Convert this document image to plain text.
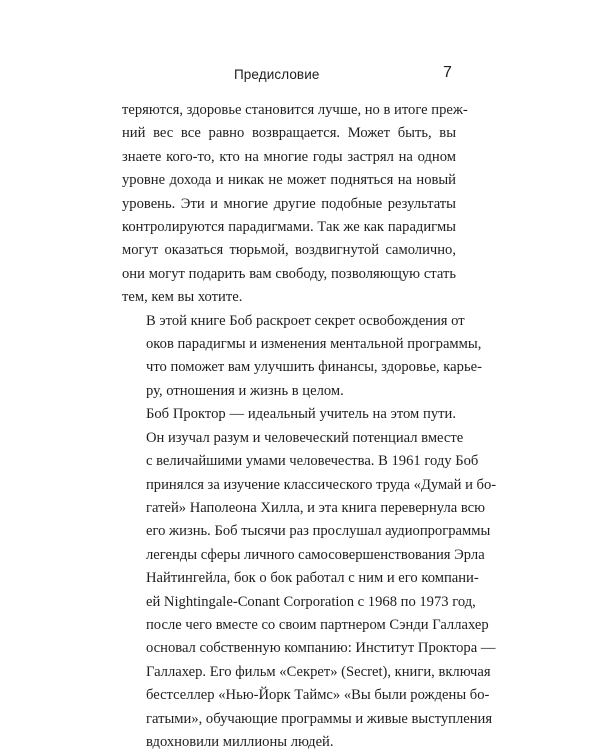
Предисловие	7

теряются, здоровье становится лучше, но в итоге преж-
ний вес все равно возвращается. Может быть, вы
знаете кого-то, кто на многие годы застрял на одном
уровне дохода и никак не может подняться на новый
уровень. Эти и многие другие подобные результаты
контролируются парадигмами. Так же как парадигмы
могут оказаться тюрьмой, воздвигнутой самолично,
они могут подарить вам свободу, позволяющую стать
тем, кем вы хотите.

В этой книге Боб раскроет секрет освобождения от
оков парадигмы и изменения ментальной программы,
что поможет вам улучшить финансы, здоровье, карье-
ру, отношения и жизнь в целом.

Боб Проктор — идеальный учитель на этом пути.
Он изучал разум и человеческий потенциал вместе
с величайшими умами человечества. В 1961 году Боб
принялся за изучение классического труда «Думай и бо-
гатей» Наполеона Хилла, и эта книга перевернула всю
его жизнь. Боб тысячи раз прослушал аудиопрограммы
легенды сферы личного самосовершенствования Эрла
Найтингейла, бок о бок работал с ним и его компани-
ей Nightingale-Conant Corporation с 1968 по 1973 год,
после чего вместе со своим партнером Сэнди Галлахер
основал собственную компанию: Институт Проктора —
Галлахер. Его фильм «Секрет» (Secret), книги, включая
бестселлер «Нью-Йорк Таймс» «Вы были рождены бо-
гатыми», обучающие программы и живые выступления
вдохновили миллионы людей.
